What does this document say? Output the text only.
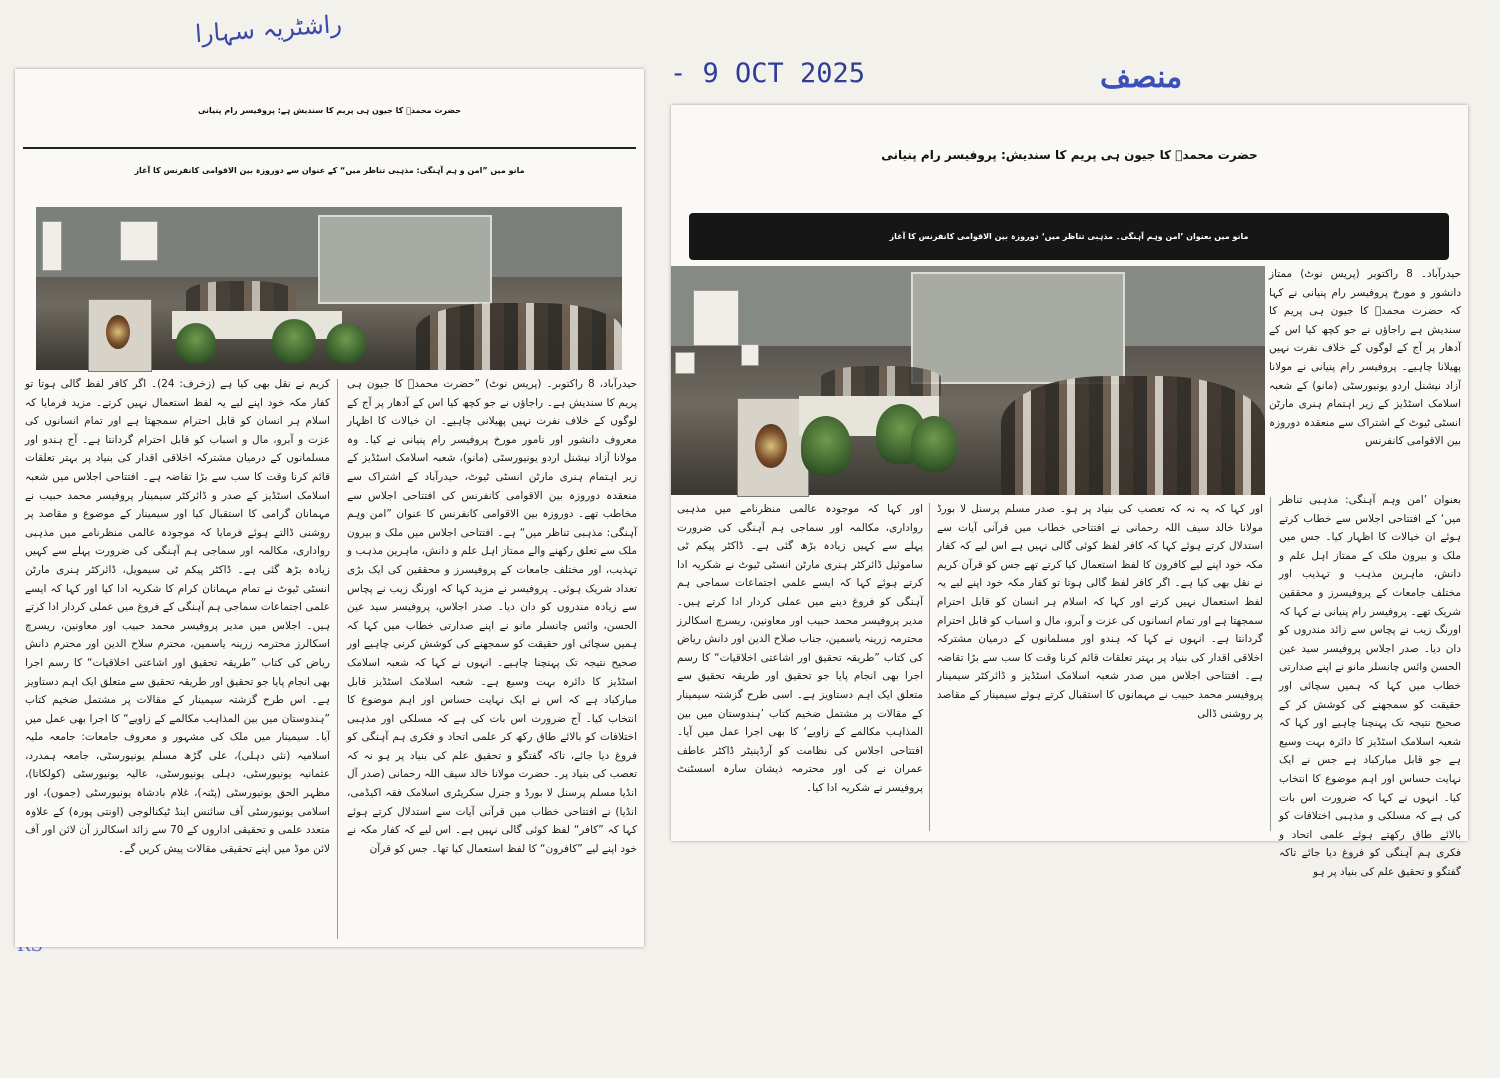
راشٹریہ سہارا
- 9 OCT 2025	منصف
حضرت محمدؐ کا جیون ہی پریم کا سندیش ہے: پروفیسر رام پنیانی
مانو میں ”امن و ہم آہنگی: مذہبی تناظر میں“ کے عنوان سے دوروزہ بین الاقوامی کانفرنس کا آغاز
حیدرآباد، 8 راکتوبر۔ (پریس نوٹ) ”حضرت محمدؐ کا جیون ہی پریم کا سندیش ہے۔ راجاؤں نے جو کچھ کیا اس کے آدھار پر آج کے لوگوں کے خلاف نفرت نہیں پھیلانی چاہیے۔ ان خیالات کا اظہار معروف دانشور اور نامور مورخ پروفیسر رام پنیانی نے کیا۔ وہ مولانا آزاد نیشنل اردو یونیورسٹی (مانو)، شعبہ اسلامک اسٹڈیز کے زیر اہتمام ہنری مارٹن انسٹی ٹیوٹ، حیدرآباد کے اشتراک سے منعقدہ دوروزہ بین الاقوامی کانفرنس کی افتتاحی اجلاس سے مخاطب تھے۔ دوروزہ بین الاقوامی کانفرنس کا عنوان ”امن وہم آہنگی: مذہبی تناظر میں“ ہے۔ افتتاحی اجلاس میں ملک و بیرون ملک سے تعلق رکھنے والے ممتاز اہل علم و دانش، ماہرین مذہب و تہذیب، اور مختلف جامعات کے پروفیسرز و محققین کی ایک بڑی تعداد شریک ہوئی۔ پروفیسر نے مزید کہا کہ اورنگ زیب نے پچاس سے زیادہ مندروں کو دان دیا۔ صدر اجلاس، پروفیسر سید عین الحسن، وائس چانسلر مانو نے اپنے صدارتی خطاب میں کہا کہ ہمیں سچائی اور حقیقت کو سمجھنے کی کوشش کرنی چاہیے اور صحیح نتیجہ تک پہنچنا چاہیے۔ انہوں نے کہا کہ شعبہ اسلامک اسٹڈیز کا دائرہ بہت وسیع ہے۔ شعبہ اسلامک اسٹڈیز قابل مبارکباد ہے کہ اس نے ایک نہایت حساس اور اہم موضوع کا انتخاب کیا۔ آج ضرورت اس بات کی ہے کہ مسلکی اور مذہبی اختلافات کو بالائے طاق رکھ کر علمی اتحاد و فکری ہم آہنگی کو فروغ دیا جائے، تاکہ گفتگو و تحقیق علم کی بنیاد پر ہو نہ کہ تعصب کی بنیاد پر۔ حضرت مولانا خالد سیف اللہ رحمانی (صدر آل انڈیا مسلم پرسنل لا بورڈ و جنرل سکریٹری اسلامک فقہ اکیڈمی، انڈیا) نے افتتاحی خطاب میں قرآنی آیات سے استدلال کرتے ہوئے کہا کہ ”کافر“ لفظ کوئی گالی نہیں ہے۔ اس لیے کہ کفار مکہ نے خود اپنے لیے ”کافرون“ کا لفظ استعمال کیا تھا۔ جس کو قرآن
کریم نے نقل بھی کیا ہے (زخرف: 24)۔ اگر کافر لفظ گالی ہوتا تو کفار مکہ خود اپنے لیے یہ لفظ استعمال نہیں کرتے۔ مزید فرمایا کہ اسلام ہر انسان کو قابل احترام سمجھتا ہے اور تمام انسانوں کی عزت و آبرو، مال و اسباب کو قابل احترام گردانتا ہے۔ آج ہندو اور مسلمانوں کے درمیان مشترکہ اخلاقی اقدار کی بنیاد پر بہتر تعلقات قائم کرنا وقت کا سب سے بڑا تقاضہ ہے۔ افتتاحی اجلاس میں شعبہ اسلامک اسٹڈیز کے صدر و ڈائرکٹر سیمینار پروفیسر محمد حبیب نے مہمانان گرامی کا استقبال کیا اور سیمینار کے موضوع و مقاصد پر روشنی ڈالتے ہوئے فرمایا کہ موجودہ عالمی منظرنامے میں مذہبی رواداری، مکالمہ اور سماجی ہم آہنگی کی ضرورت پہلے سے کہیں زیادہ بڑھ گئی ہے۔ ڈاکٹر پیکم ٹی سیمویل، ڈائرکٹر ہنری مارٹن انسٹی ٹیوٹ نے تمام مہمانان کرام کا شکریہ ادا کیا اور کہا کہ ایسے علمی اجتماعات سماجی ہم آہنگی کے فروغ میں عملی کردار ادا کرتے ہیں۔ اجلاس میں مدیر پروفیسر محمد حبیب اور معاونین، ریسرچ اسکالرز محترمہ زرینہ یاسمین، محترم سلاح الدین اور محترم دانش ریاض کی کتاب ”طریقہ تحقیق اور اشاعتی اخلاقیات“ کا رسم اجرا بھی انجام پایا جو تحقیق اور طریقہ تحقیق سے متعلق ایک اہم دستاویز ہے۔ اس طرح گزشتہ سیمینار کے مقالات پر مشتمل ضخیم کتاب ”ہندوستان میں بین المذاہب مکالمے کے زاویے“ کا اجرا بھی عمل میں آیا۔ سیمینار میں ملک کی مشہور و معروف جامعات: جامعہ ملیہ اسلامیہ (نئی دہلی)، علی گڑھ مسلم یونیورسٹی، جامعہ ہمدرد، عثمانیہ یونیورسٹی، دہلی یونیورسٹی، عالیہ یونیورسٹی (کولکاتا)، مظہر الحق یونیورسٹی (پٹنہ)، غلام بادشاہ یونیورسٹی (جموں)، اور اسلامی یونیورسٹی آف سائنس اینڈ ٹیکنالوجی (اونتی پورہ) کے علاوہ متعدد علمی و تحقیقی اداروں کے 70 سے زائد اسکالرز آن لائن اور آف لائن موڈ میں اپنے تحقیقی مقالات پیش کریں گے۔
حضرت محمدؐ کا جیون ہی پریم کا سندیش: پروفیسر رام پنیانی
مانو میں بعنوان ’امن وہم آہنگی۔ مذہبی تناظر میں‘ دوروزہ بین الاقوامی کانفرنس کا آغاز
حیدرآباد۔ 8 راکتوبر (پریس نوٹ) ممتاز دانشور و مورخ پروفیسر رام پنیانی نے کہا کہ حضرت محمدؐ کا جیون ہی پریم کا سندیش ہے راجاؤں نے جو کچھ کیا اس کے آدھار پر آج کے لوگوں کے خلاف نفرت نہیں پھیلانا چاہیے۔ پروفیسر رام پنیانی نے مولانا آزاد نیشنل اردو یونیورسٹی (مانو) کے شعبہ اسلامک اسٹڈیز کے زیر اہتمام ہنری مارٹن انسٹی ٹیوٹ کے اشتراک سے منعقدہ دوروزہ بین الاقوامی کانفرنس
بعنوان ’امن وہم آہنگی: مذہبی تناظر میں‘ کے افتتاحی اجلاس سے خطاب کرتے ہوئے ان خیالات کا اظہار کیا۔ جس میں ملک و بیرون ملک کے ممتاز اہل علم و دانش، ماہرین مذہب و تہذیب اور مختلف جامعات کے پروفیسرز و محققین شریک تھے۔ پروفیسر رام پنیانی نے کہا کہ اورنگ زیب نے پچاس سے زائد مندروں کو دان دیا۔ صدر اجلاس پروفیسر سید عین الحسن وائس چانسلر مانو نے اپنے صدارتی خطاب میں کہا کہ ہمیں سچائی اور حقیقت کو سمجھنے کی کوشش کر کے صحیح نتیجہ تک پہنچنا چاہیے اور کہا کہ شعبہ اسلامک اسٹڈیز کا دائرہ بہت وسیع ہے جو قابل مبارکباد ہے جس نے ایک نہایت حساس اور اہم موضوع کا انتخاب کیا۔ انہوں نے کہا کہ ضرورت اس بات کی ہے کہ مسلکی و مذہبی اختلافات کو بالائے طاق رکھتے ہوئے علمی اتحاد و فکری ہم آہنگی کو فروغ دیا جائے تاکہ گفتگو و تحقیق علم کی بنیاد پر ہو
اور کہا کہ یہ نہ کہ تعصب کی بنیاد پر ہو۔ صدر مسلم پرسنل لا بورڈ مولانا خالد سیف اللہ رحمانی نے افتتاحی خطاب میں قرآنی آیات سے استدلال کرتے ہوئے کہا کہ کافر لفظ کوئی گالی نہیں ہے اس لیے کہ کفار مکہ خود اپنے لیے کافرون کا لفظ استعمال کیا کرتے تھے جس کو قرآن کریم نے نقل بھی کیا ہے۔ اگر کافر لفظ گالی ہوتا تو کفار مکہ خود اپنے لیے یہ لفظ استعمال نہیں کرتے اور کہا کہ اسلام ہر انسان کو قابل احترام سمجھتا ہے اور تمام انسانوں کی عزت و آبرو، مال و اسباب کو قابل احترام گردانتا ہے۔ انہوں نے کہا کہ ہندو اور مسلمانوں کے درمیان مشترکہ اخلاقی اقدار کی بنیاد پر بہتر تعلقات قائم کرنا وقت کا سب سے بڑا تقاضہ ہے۔ افتتاحی اجلاس میں صدر شعبہ اسلامک اسٹڈیز و ڈائرکٹر سیمینار پروفیسر محمد حبیب نے مہمانوں کا استقبال کرتے ہوئے سیمینار کے مقاصد پر روشنی ڈالی
اور کہا کہ موجودہ عالمی منظرنامے میں مذہبی رواداری، مکالمہ اور سماجی ہم آہنگی کی ضرورت پہلے سے کہیں زیادہ بڑھ گئی ہے۔ ڈاکٹر پیکم ٹی ساموئیل ڈائرکٹر ہنری مارٹن انسٹی ٹیوٹ نے شکریہ ادا کرتے ہوئے کہا کہ ایسے علمی اجتماعات سماجی ہم آہنگی کو فروغ دینے میں عملی کردار ادا کرتے ہیں۔ مدیر پروفیسر محمد حبیب اور معاونین، ریسرچ اسکالرز محترمہ زرینہ یاسمین، جناب صلاح الدین اور دانش ریاض کی کتاب ”طریقہ تحقیق اور اشاعتی اخلاقیات“ کا رسم اجرا بھی انجام پایا جو تحقیق اور طریقہ تحقیق سے متعلق ایک اہم دستاویز ہے۔ اسی طرح گزشتہ سیمینار کے مقالات پر مشتمل ضخیم کتاب ’ہندوستان میں بین المذاہب مکالمے کے زاویے‘ کا بھی اجرا عمل میں آیا۔ افتتاحی اجلاس کی نظامت کو آرڈینیٹر ڈاکٹر عاطف عمران نے کی اور محترمہ ذیشان سارہ اسسٹنٹ پروفیسر نے شکریہ ادا کیا۔
